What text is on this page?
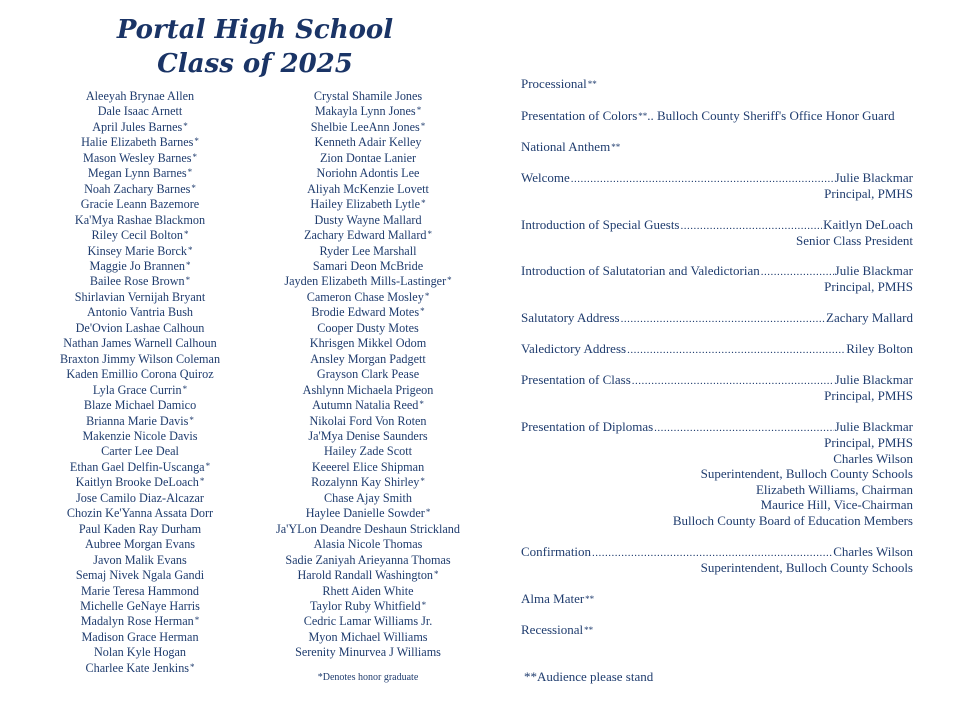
Portal High School
Class of 2025
Aleeyah Brynae Allen
Dale Isaac Arnett
April Jules Barnes*
Halie Elizabeth Barnes*
Mason Wesley Barnes*
Megan Lynn Barnes*
Noah Zachary Barnes*
Gracie Leann Bazemore
Ka'Mya Rashae Blackmon
Riley Cecil Bolton*
Kinsey Marie Borck*
Maggie Jo Brannen*
Bailee Rose Brown*
Shirlavian Vernijah Bryant
Antonio Vantria Bush
De'Ovion Lashae Calhoun
Nathan James Warnell Calhoun
Braxton Jimmy Wilson Coleman
Kaden Emillio Corona Quiroz
Lyla Grace Currin*
Blaze Michael Damico
Brianna Marie Davis*
Makenzie Nicole Davis
Carter Lee Deal
Ethan Gael Delfin-Uscanga*
Kaitlyn Brooke DeLoach*
Jose Camilo Diaz-Alcazar
Chozin Ke'Yanna Assata Dorr
Paul Kaden Ray Durham
Aubree Morgan Evans
Javon Malik Evans
Semaj Nivek Ngala Gandi
Marie Teresa Hammond
Michelle GeNaye Harris
Madalyn Rose Herman*
Madison Grace Herman
Nolan Kyle Hogan
Charlee Kate Jenkins*
Crystal Shamile Jones
Makayla Lynn Jones*
Shelbie LeeAnn Jones*
Kenneth Adair Kelley
Zion Dontae Lanier
Noriohn Adontis Lee
Aliyah McKenzie Lovett
Hailey Elizabeth Lytle*
Dusty Wayne Mallard
Zachary Edward Mallard*
Ryder Lee Marshall
Samari Deon McBride
Jayden Elizabeth Mills-Lastinger*
Cameron Chase Mosley*
Brodie Edward Motes*
Cooper Dusty Motes
Khrisgen Mikkel Odom
Ansley Morgan Padgett
Grayson Clark Pease
Ashlynn Michaela Prigeon
Autumn Natalia Reed*
Nikolai Ford Von Roten
Ja'Mya Denise Saunders
Hailey Zade Scott
Keeerel Elice Shipman
Rozalynn Kay Shirley*
Chase Ajay Smith
Haylee Danielle Sowder*
Ja'YLon Deandre Deshaun Strickland
Alasia Nicole Thomas
Sadie Zaniyah Arieyanna Thomas
Harold Randall Washington*
Rhett Aiden White
Taylor Ruby Whitfield*
Cedric Lamar Williams Jr.
Myon Michael Williams
Serenity Minurvea J Williams
*Denotes honor graduate
Processional **
Presentation of Colors ** .. Bulloch County Sheriff's Office Honor Guard
National Anthem **
Welcome .....	Julie Blackmar
Principal, PMHS
Introduction of Special Guests .....	Kaitlyn DeLoach
Senior Class President
Introduction of Salutatorian and Valedictorian .....	Julie Blackmar
Principal, PMHS
Salutatory Address .....	Zachary Mallard
Valedictory Address .....	Riley Bolton
Presentation of Class .....	Julie Blackmar
Principal, PMHS
Presentation of Diplomas .....	Julie Blackmar
Principal, PMHS
Charles Wilson
Superintendent, Bulloch County Schools
Elizabeth Williams, Chairman
Maurice Hill, Vice-Chairman
Bulloch County Board of Education Members
Confirmation .....	Charles Wilson
Superintendent, Bulloch County Schools
Alma Mater **
Recessional **
**Audience please stand
